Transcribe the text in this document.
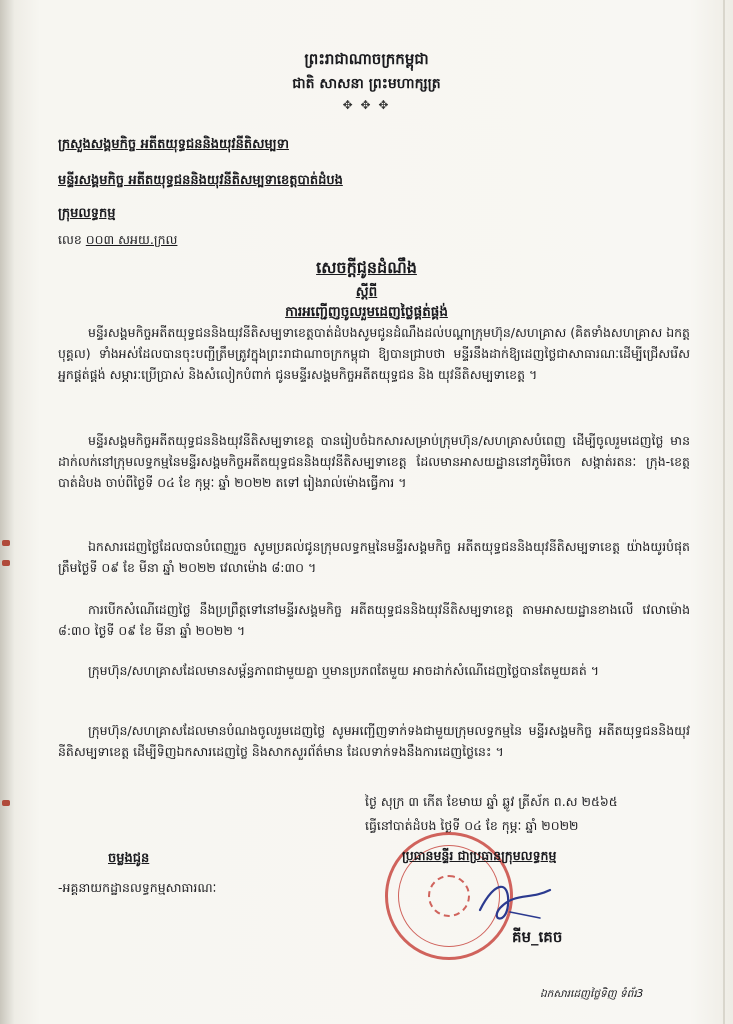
ព្រះរាជាណាចក្រកម្ពុជា
ជាតិ សាសនា ព្រះមហាក្សត្រ
✥ ✥ ✥
ក្រសួងសង្គមកិច្ច អតីតយុទ្ធជននិងយុវនីតិសម្បទា
មន្ទីរសង្គមកិច្ច អតីតយុទ្ធជននិងយុវនីតិសម្បទាខេត្តបាត់ដំបង
ក្រុមលទ្ធកម្ម
លេខ ០០៣ សអយ.ក្រល
សេចក្តីជូនដំណឹង
ស្តីពី
ការអញ្ជើញចូលរួមដេញថ្លៃផ្គត់ផ្គង់

មន្ទីរសង្គមកិច្ចអតីតយុទ្ធជននិងយុវនីតិសម្បទាខេត្តបាត់ដំបងសូមជូនដំណឹងដល់បណ្តាក្រុមហ៊ុន/សហគ្រាស (គិតទាំងសហគ្រាស ឯកត្តបុគ្គល) ទាំងអស់ដែលបានចុះបញ្ជីត្រឹមត្រូវក្នុងព្រះរាជាណាចក្រកម្ពុជា ឱ្យបានជ្រាបថា មន្ទីរនឹងដាក់ឱ្យដេញថ្លៃជាសាធារណៈដើម្បីជ្រើសរើសអ្នកផ្គត់ផ្គង់ សម្ភារៈប្រើប្រាស់ និងសំលៀកបំពាក់ ជូនមន្ទីរសង្គមកិច្ចអតីតយុទ្ធជន និង យុវនីតិសម្បទាខេត្ត ។

មន្ទីរសង្គមកិច្ចអតីតយុទ្ធជននិងយុវនីតិសម្បទាខេត្ត បានរៀបចំឯកសារសម្រាប់ក្រុមហ៊ុន/សហគ្រាសបំពេញ ដើម្បីចូលរួមដេញថ្លៃ មានដាក់លក់នៅក្រុមលទ្ធកម្មនៃមន្ទីរសង្គមកិច្ចអតីតយុទ្ធជននិងយុវនីតិសម្បទាខេត្ត ដែលមានអាសយដ្ឋាននៅភូមិរំចេក សង្កាត់រតនៈ ក្រុង-ខេត្តបាត់ដំបង ចាប់ពីថ្ងៃទី ០៤ ខែ កុម្ភៈ ឆ្នាំ ២០២២ តទៅ រៀងរាល់ម៉ោងធ្វើការ ។

ឯកសារដេញថ្លៃដែលបានបំពេញរួច សូមប្រគល់ជូនក្រុមលទ្ធកម្មនៃមន្ទីរសង្គមកិច្ច អតីតយុទ្ធជននិងយុវនីតិសម្បទាខេត្ត យ៉ាងយូរបំផុតត្រឹមថ្ងៃទី ០៩ ខែ មីនា ឆ្នាំ ២០២២ វេលាម៉ោង ៨:៣០ ។

ការបើកសំណើដេញថ្លៃ នឹងប្រព្រឹត្តទៅនៅមន្ទីរសង្គមកិច្ច អតីតយុទ្ធជននិងយុវនីតិសម្បទាខេត្ត តាមអាសយដ្ឋានខាងលើ វេលាម៉ោង ៨:៣០ ថ្ងៃទី ០៩ ខែ មីនា ឆ្នាំ ២០២២ ។

ក្រុមហ៊ុន/សហគ្រាសដែលមានសម្ព័ន្ធភាពជាមួយគ្នា ឬមានប្រភពតែមួយ អាចដាក់សំណើដេញថ្លៃបានតែមួយគត់ ។

ក្រុមហ៊ុន/សហគ្រាសដែលមានបំណងចូលរួមដេញថ្លៃ សូមអញ្ជើញទាក់ទងជាមួយក្រុមលទ្ធកម្មនៃ មន្ទីរសង្គមកិច្ច អតីតយុទ្ធជននិងយុវនីតិសម្បទាខេត្ត ដើម្បីទិញឯកសារដេញថ្លៃ និងសាកសួរព័ត៌មាន ដែលទាក់ទងនឹងការដេញថ្លៃនេះ ។

ថ្ងៃ សុក្រ ៣ កើត ខែមាឃ ឆ្នាំ ឆ្លូវ ត្រីស័ក ព.ស ២៥៦៥
ធ្វើនៅបាត់ដំបង ថ្ងៃទី ០៤ ខែ កុម្ភៈ ឆ្នាំ ២០២២
ប្រធានមន្ទីរ ជាប្រធានក្រុមលទ្ធកម្ម
គីម_គេច
ចម្លងជូន
-អគ្គនាយកដ្ឋានលទ្ធកម្មសាធារណៈ
ឯកសារដេញថ្លៃទិញ ទំព័រ3
